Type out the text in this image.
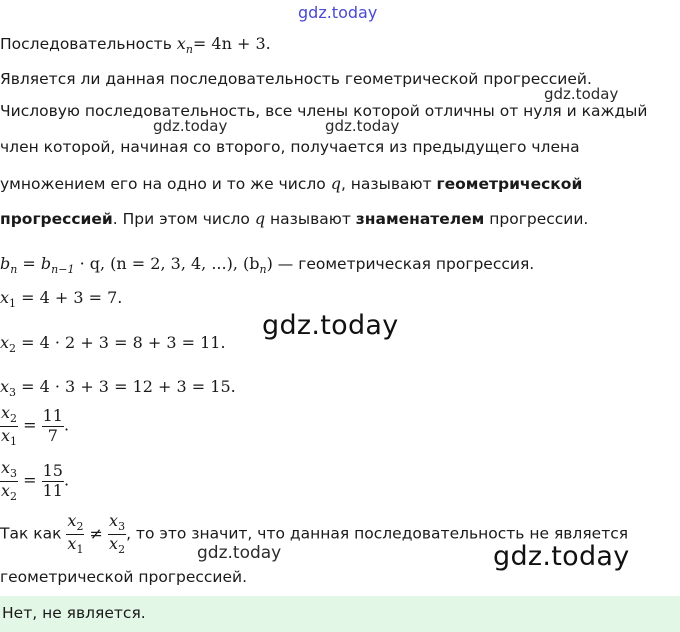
gdz.today
gdz.today
gdz.today	gdz.today
gdz.today
gdz.today	gdz.today
Последовательность $x_n= 4n + 3$.
Является ли данная последовательность геометрической прогрессией.
Числовую последовательность, все члены которой отличны от нуля и каждый
член которой, начиная со второго, получается из предыдущего члена
умножением его на одно и то же число q, называют геометрической
прогрессией. При этом число q называют знаменателем прогрессии.
$b_n = b_{n-1} \cdot q$, (n = 2, 3, 4, ...), $(b_n)$ — геометрическая прогрессия.
$x_1 = 4 + 3 = 7$.
$x_2 = 4 \cdot 2 + 3 = 8 + 3 = 11$.
$x_3 = 4 \cdot 3 + 3 = 12 + 3 = 15$.
$\frac{x_2}{x_1} = \frac{11}{7}$ .
$\frac{x_3}{x_2} = \frac{15}{11}$ .
Так как $\frac{x_2}{x_1} \ne \frac{x_3}{x_2}$ , то это значит, что данная последовательность не является
геометрической прогрессией.
Нет, не является.
